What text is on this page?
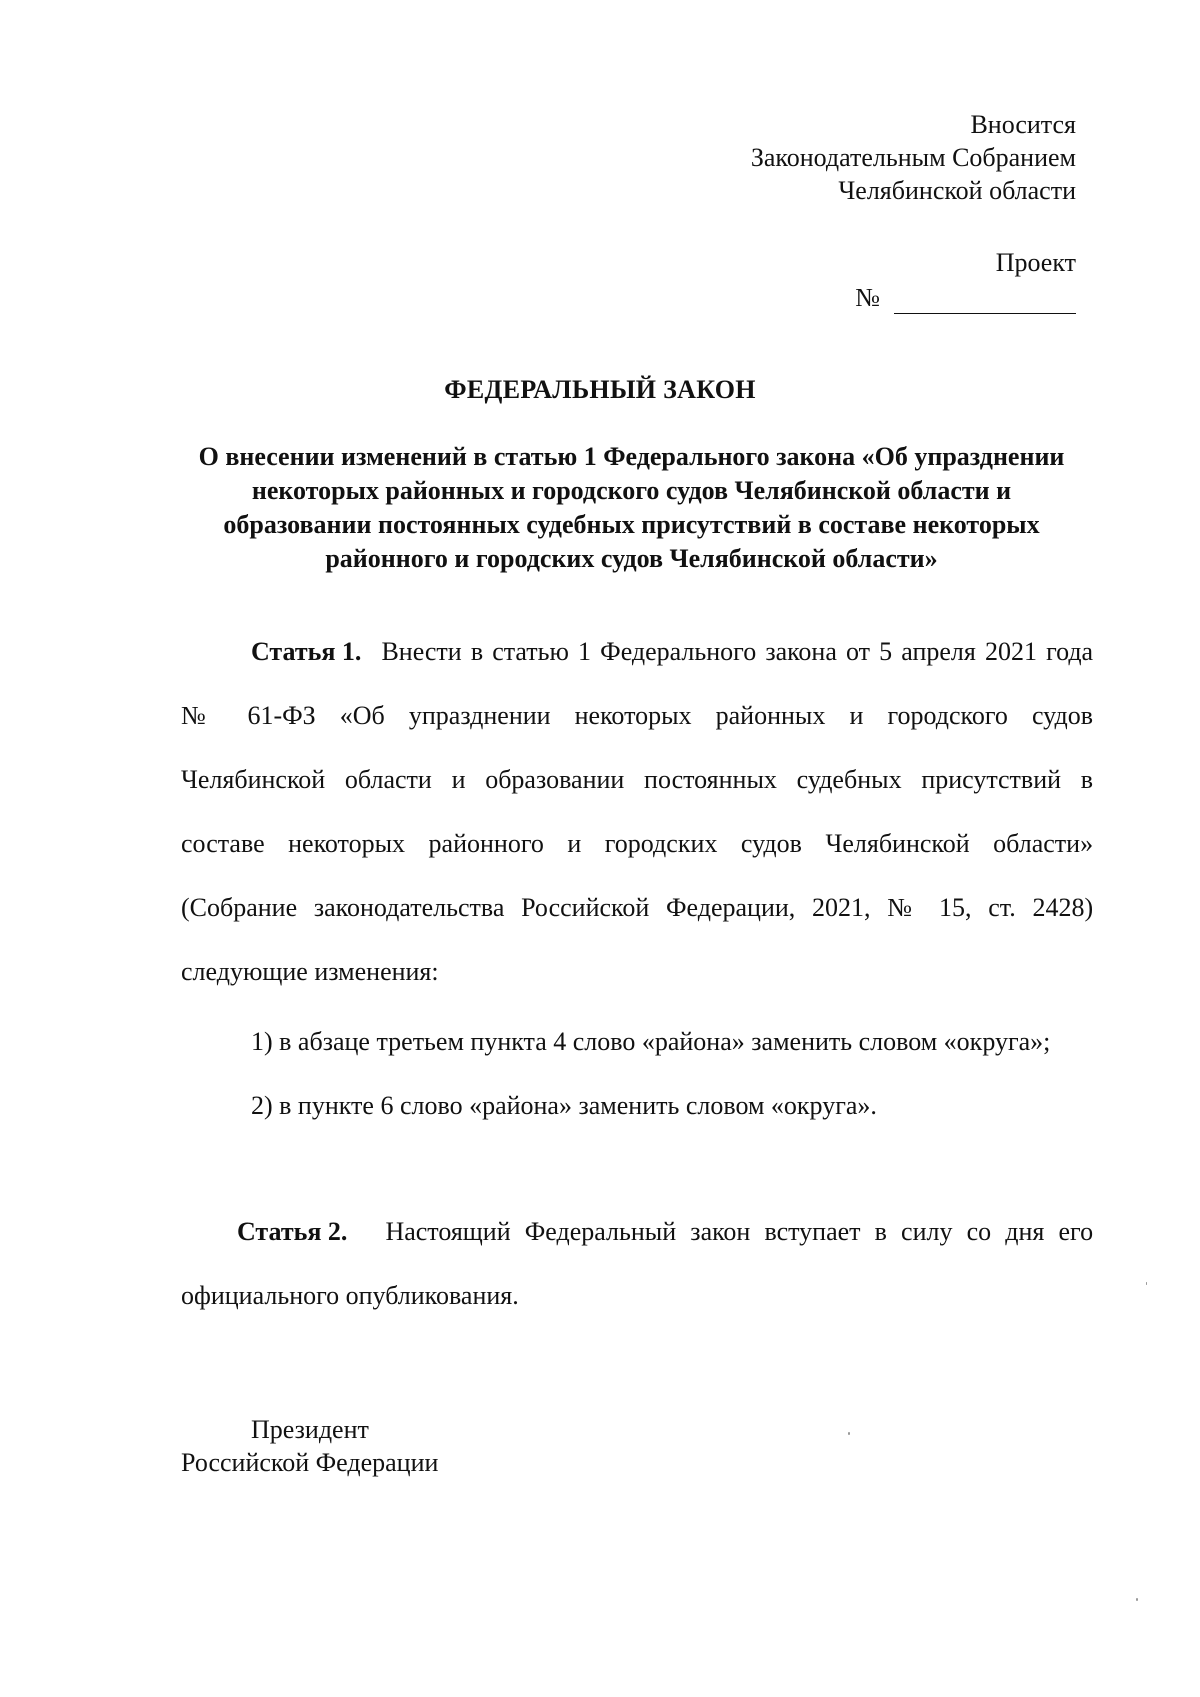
Вносится
Законодательным Собранием
Челябинской области
Проект
№
ФЕДЕРАЛЬНЫЙ ЗАКОН
О внесении изменений в статью 1 Федерального закона «Об упразднении
некоторых районных и городского судов Челябинской области и
образовании постоянных судебных присутствий в составе некоторых
районного и городских судов Челябинской области»
Статья 1. Внести в статью 1 Федерального закона от 5 апреля 2021 года
№ 61-ФЗ «Об упразднении некоторых районных и городского судов
Челябинской области и образовании постоянных судебных присутствий в
составе некоторых районного и городских судов Челябинской области»
(Собрание законодательства Российской Федерации, 2021, № 15, ст. 2428)
следующие изменения:
1) в абзаце третьем пункта 4 слово «района» заменить словом «округа»;
2) в пункте 6 слово «района» заменить словом «округа».
Статья 2. Настоящий Федеральный закон вступает в силу со дня его
официального опубликования.
Президент
Российской Федерации
